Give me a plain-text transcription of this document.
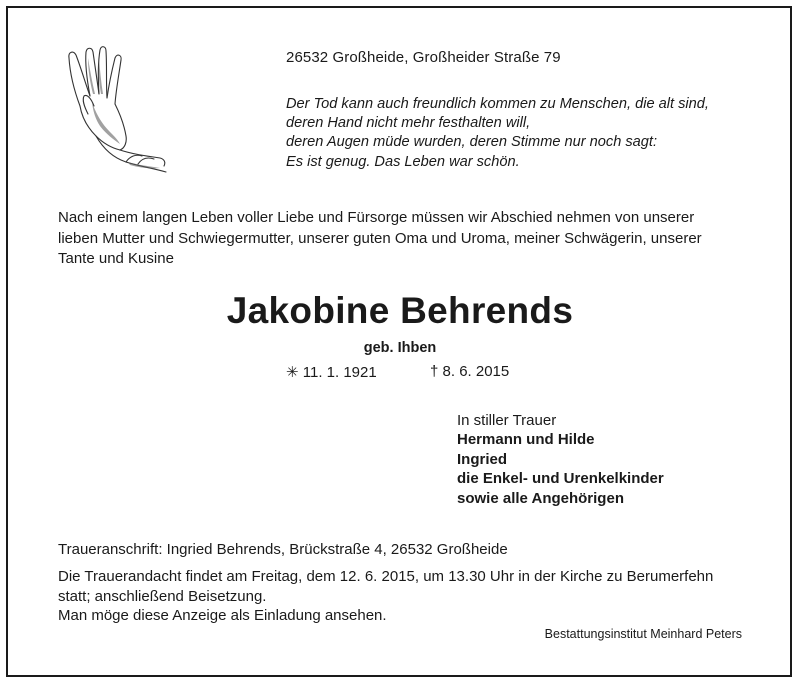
26532 Großheide, Großheider Straße 79
Der Tod kann auch freundlich kommen zu Menschen, die alt sind,
deren Hand nicht mehr festhalten will,
deren Augen müde wurden, deren Stimme nur noch sagt:
Es ist genug. Das Leben war schön.
Nach einem langen Leben voller Liebe und Fürsorge müssen wir Abschied nehmen von unserer
lieben Mutter und Schwiegermutter, unserer guten Oma und Uroma, meiner Schwägerin, unserer
Tante und Kusine
Jakobine Behrends
geb. Ihben
✳ 11. 1. 1921	† 8. 6. 2015
In stiller Trauer
Hermann und Hilde
Ingried
die Enkel- und Urenkelkinder
sowie alle Angehörigen
Traueranschrift: Ingried Behrends, Brückstraße 4, 26532 Großheide
Die Trauerandacht findet am Freitag, dem 12. 6. 2015, um 13.30 Uhr in der Kirche zu Berumerfehn
statt; anschließend Beisetzung.
Man möge diese Anzeige als Einladung ansehen.
Bestattungsinstitut Meinhard Peters
